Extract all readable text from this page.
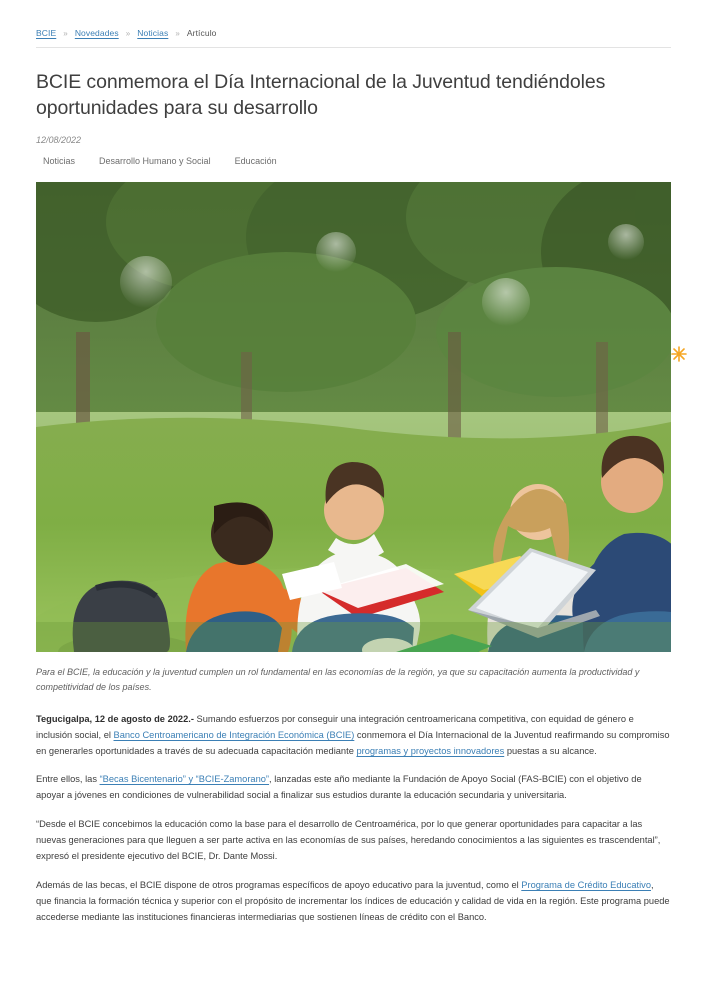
BCIE » Novedades » Noticias » Artículo
BCIE conmemora el Día Internacional de la Juventud tendiéndoles oportunidades para su desarrollo
12/08/2022
Noticias	Desarrollo Humano y Social	Educación
Para el BCIE, la educación y la juventud cumplen un rol fundamental en las economías de la región, ya que su capacitación aumenta la productividad y competitividad de los países.

Tegucigalpa, 12 de agosto de 2022.- Sumando esfuerzos por conseguir una integración centroamericana competitiva, con equidad de género e inclusión social, el Banco Centroamericano de Integración Económica (BCIE) conmemora el Día Internacional de la Juventud reafirmando su compromiso en generarles oportunidades a través de su adecuada capacitación mediante programas y proyectos innovadores puestas a su alcance.

Entre ellos, las “Becas Bicentenario” y “BCIE-Zamorano”, lanzadas este año mediante la Fundación de Apoyo Social (FAS-BCIE) con el objetivo de apoyar a jóvenes en condiciones de vulnerabilidad social a finalizar sus estudios durante la educación secundaria y universitaria.

“Desde el BCIE concebimos la educación como la base para el desarrollo de Centroamérica, por lo que generar oportunidades para capacitar a las nuevas generaciones para que lleguen a ser parte activa en las economías de sus países, heredando conocimientos a las siguientes es trascendental”, expresó el presidente ejecutivo del BCIE, Dr. Dante Mossi.

Además de las becas, el BCIE dispone de otros programas específicos de apoyo educativo para la juventud, como el Programa de Crédito Educativo, que financia la formación técnica y superior con el propósito de incrementar los índices de educación y calidad de vida en la región. Este programa puede accederse mediante las instituciones financieras intermediarias que sostienen líneas de crédito con el Banco.
